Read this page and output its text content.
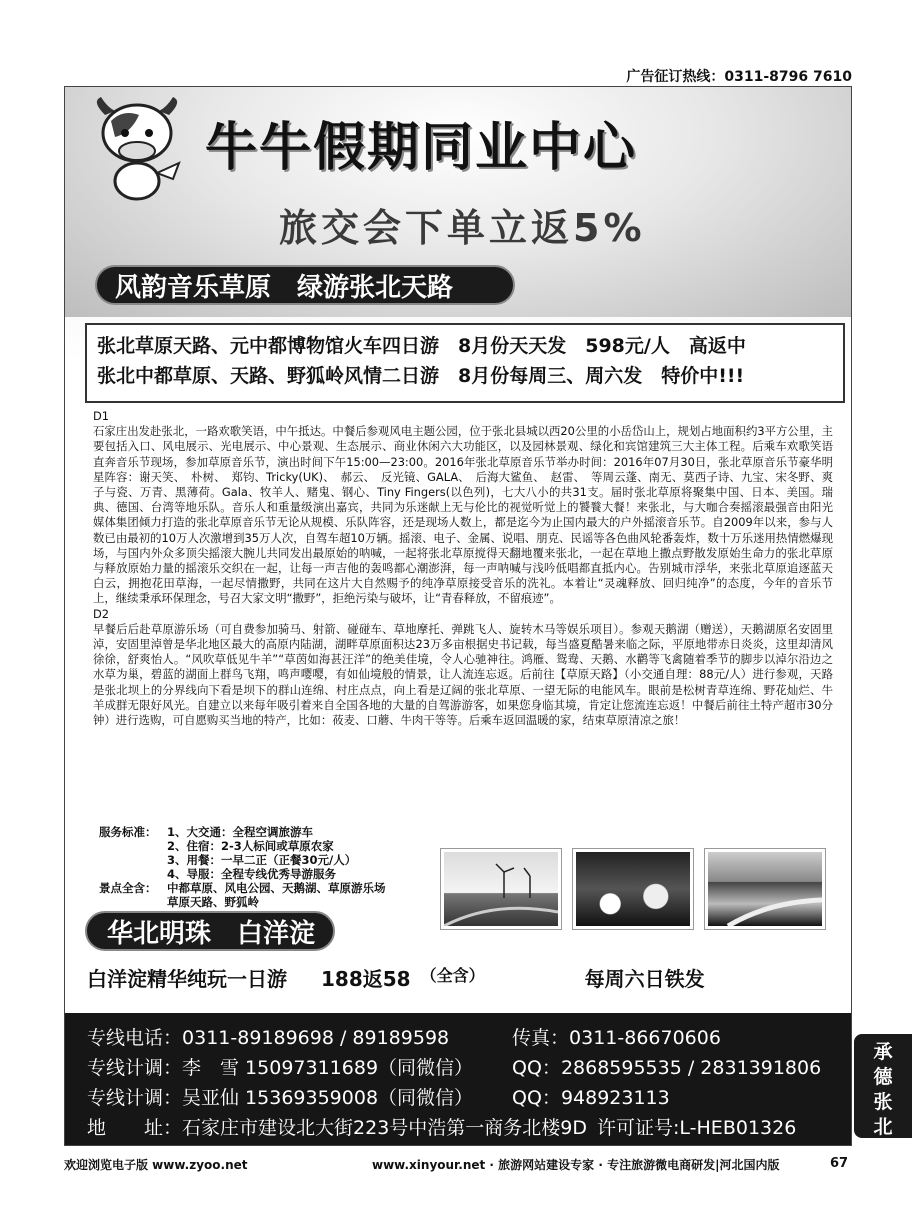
广告征订热线：0311-8796 7610
牛牛假期同业中心
旅交会下单立返5%
风韵音乐草原　绿游张北天路
张北草原天路、元中都博物馆火车四日游　8月份天天发　598元/人　高返中
张北中都草原、天路、野狐岭风情二日游　8月份每周三、周六发　特价中!!!

D1

石家庄出发赴张北，一路欢歌笑语，中午抵达。中餐后参观风电主题公园，位于张北县城以西20公里的小岳岱山上，规划占地面积约3平方公里，主要包括入口、风电展示、光电展示、中心景观、生态展示、商业休闲六大功能区，以及园林景观、绿化和宾馆建筑三大主体工程。后乘车欢歌笑语直奔音乐节现场，参加草原音乐节，演出时间下午15:00—23:00。2016年张北草原音乐节举办时间：2016年07月30日，张北草原音乐节豪华明星阵容：谢天笑、　朴树、　郑钧、Tricky(UK)、　郝云、　反光镜、GALA、　后海大鲨鱼、　赵雷、　等周云蓬、南无、莫西子诗、九宝、宋冬野、爽子与瓷、万青、黑薄荷。Gala、牧羊人、赌鬼、钢心、Tiny Fingers(以色列)，七大八小的共31支。届时张北草原将聚集中国、日本、美国。瑞典、德国、台湾等地乐队。音乐人和重量级演出嘉宾，共同为乐迷献上无与伦比的视觉听觉上的饕餮大餐！来张北，与大咖合奏摇滚最强音由阳光媒体集团倾力打造的张北草原音乐节无论从规模、乐队阵容，还是现场人数上，都是迄今为止国内最大的户外摇滚音乐节。自2009年以来，参与人数已由最初的10万人次激增到35万人次，自驾车超10万辆。摇滚、电子、金属、说唱、朋克、民谣等各色曲风轮番轰炸，数十万乐迷用热情燃爆现场，与国内外众多顶尖摇滚大腕儿共同发出最原始的呐喊，一起将张北草原搅得天翻地覆来张北，一起在草地上撒点野散发原始生命力的张北草原与释放原始力量的摇滚乐交织在一起，让每一声吉他的轰鸣都心潮澎湃，每一声呐喊与浅吟低唱都直抵内心。告别城市浮华，来张北草原追逐蓝天白云，拥抱花田草海，一起尽情撒野，共同在这片大自然赐予的纯净草原接受音乐的洗礼。本着让“灵魂释放、回归纯净”的态度，今年的音乐节上，继续秉承环保理念，号召大家文明“撒野”，拒绝污染与破坏，让“青春释放，不留痕迹”。

D2

早餐后后赴草原游乐场（可自费参加骑马、射箭、碰碰车、草地摩托、弹跳飞人、旋转木马等娱乐项目）。参观天鹅湖（赠送），天鹅湖原名安固里淖，安固里淖曾是华北地区最大的高原内陆湖，湖畔草原面积达23万多亩根据史书记载，每当盛夏酷暑来临之际，平原地带赤日炎炎，这里却清风徐徐，舒爽怡人。“风吹草低见牛羊”“草茵如海甚汪洋”的绝美佳境，令人心驰神往。鸿雁、鸳鸯、天鹅、水鹳等飞禽随着季节的脚步以淖尔沿边之水草为巢，碧蓝的湖面上群鸟飞翔，鸣声嘤嘤，有如仙境般的情景，让人流连忘返。后前往【草原天路】（小交通自理：88元/人）进行参观，天路是张北坝上的分界线向下看是坝下的群山连绵、村庄点点，向上看是辽阔的张北草原、一望无际的电能风车。眼前是松树青草连绵、野花灿烂、牛羊成群无限好风光。自建立以来每年吸引着来自全国各地的大量的自驾游游客，如果您身临其境，肯定让您流连忘返！中餐后前往土特产超市30分钟）进行选购，可自愿购买当地的特产，比如：莜麦、口蘑、牛肉干等等。后乘车返回温暖的家，结束草原清凉之旅！

服务标准： 1、大交通：全程空调旅游车
2、住宿：2-3人标间或草原农家
3、用餐：一早二正（正餐30元/人）
4、导服：全程专线优秀导游服务
景点全含： 中都草原、风电公园、天鹅湖、草原游乐场
草原天路、野狐岭
华北明珠　白洋淀
白洋淀精华纯玩一日游 188返58 （全含）	每周六日铁发
专线电话： 0311-89189698 / 89189598	传真： 0311-86670606
专线计调： 李　雪 15097311689（同微信）	QQ： 2868595535 / 2831391806
专线计调： 吴亚仙 15369359008（同微信）	QQ： 948923113
地　　址： 石家庄市建设北大街223号中浩第一商务北楼9D 许可证号:L-HEB01326
承
德
张
北
欢迎浏览电子版 www.zyoo.net	www.xinyour.net · 旅游网站建设专家 · 专注旅游微电商研发|河北国内版	67
